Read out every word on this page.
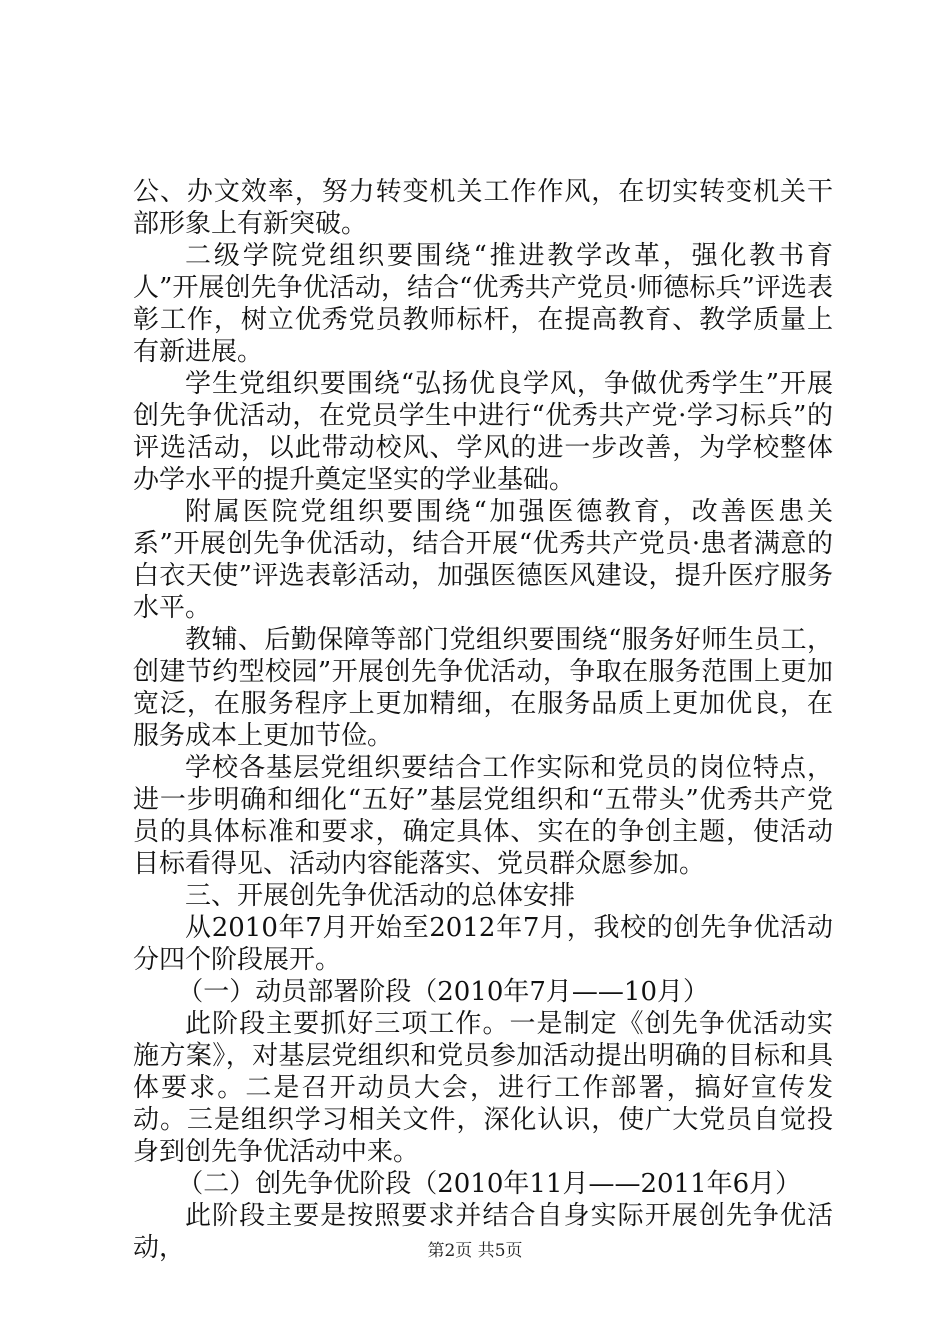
公、办文效率，努力转变机关工作作风，在切实转变机关干部形象上有新突破。

二级学院党组织要围绕“推进教学改革，强化教书育人”开展创先争优活动，结合“优秀共产党员·师德标兵”评选表彰工作，树立优秀党员教师标杆，在提高教育、教学质量上有新进展。

学生党组织要围绕“弘扬优良学风，争做优秀学生”开展创先争优活动，在党员学生中进行“优秀共产党·学习标兵”的评选活动，以此带动校风、学风的进一步改善，为学校整体办学水平的提升奠定坚实的学业基础。

附属医院党组织要围绕“加强医德教育，改善医患关系”开展创先争优活动，结合开展“优秀共产党员·患者满意的白衣天使”评选表彰活动，加强医德医风建设，提升医疗服务水平。

教辅、后勤保障等部门党组织要围绕“服务好师生员工，创建节约型校园”开展创先争优活动，争取在服务范围上更加宽泛，在服务程序上更加精细，在服务品质上更加优良，在服务成本上更加节俭。

学校各基层党组织要结合工作实际和党员的岗位特点，进一步明确和细化“五好”基层党组织和“五带头”优秀共产党员的具体标准和要求，确定具体、实在的争创主题，使活动目标看得见、活动内容能落实、党员群众愿参加。

三、开展创先争优活动的总体安排

从2010年7月开始至2012年7月，我校的创先争优活动分四个阶段展开。

（一）动员部署阶段（2010年7月——10月）

此阶段主要抓好三项工作。一是制定《创先争优活动实施方案》，对基层党组织和党员参加活动提出明确的目标和具体要求。二是召开动员大会，进行工作部署，搞好宣传发动。三是组织学习相关文件，深化认识，使广大党员自觉投身到创先争优活动中来。

（二）创先争优阶段（2010年11月——2011年6月）

此阶段主要是按照要求并结合自身实际开展创先争优活动，	第2页 共5页
